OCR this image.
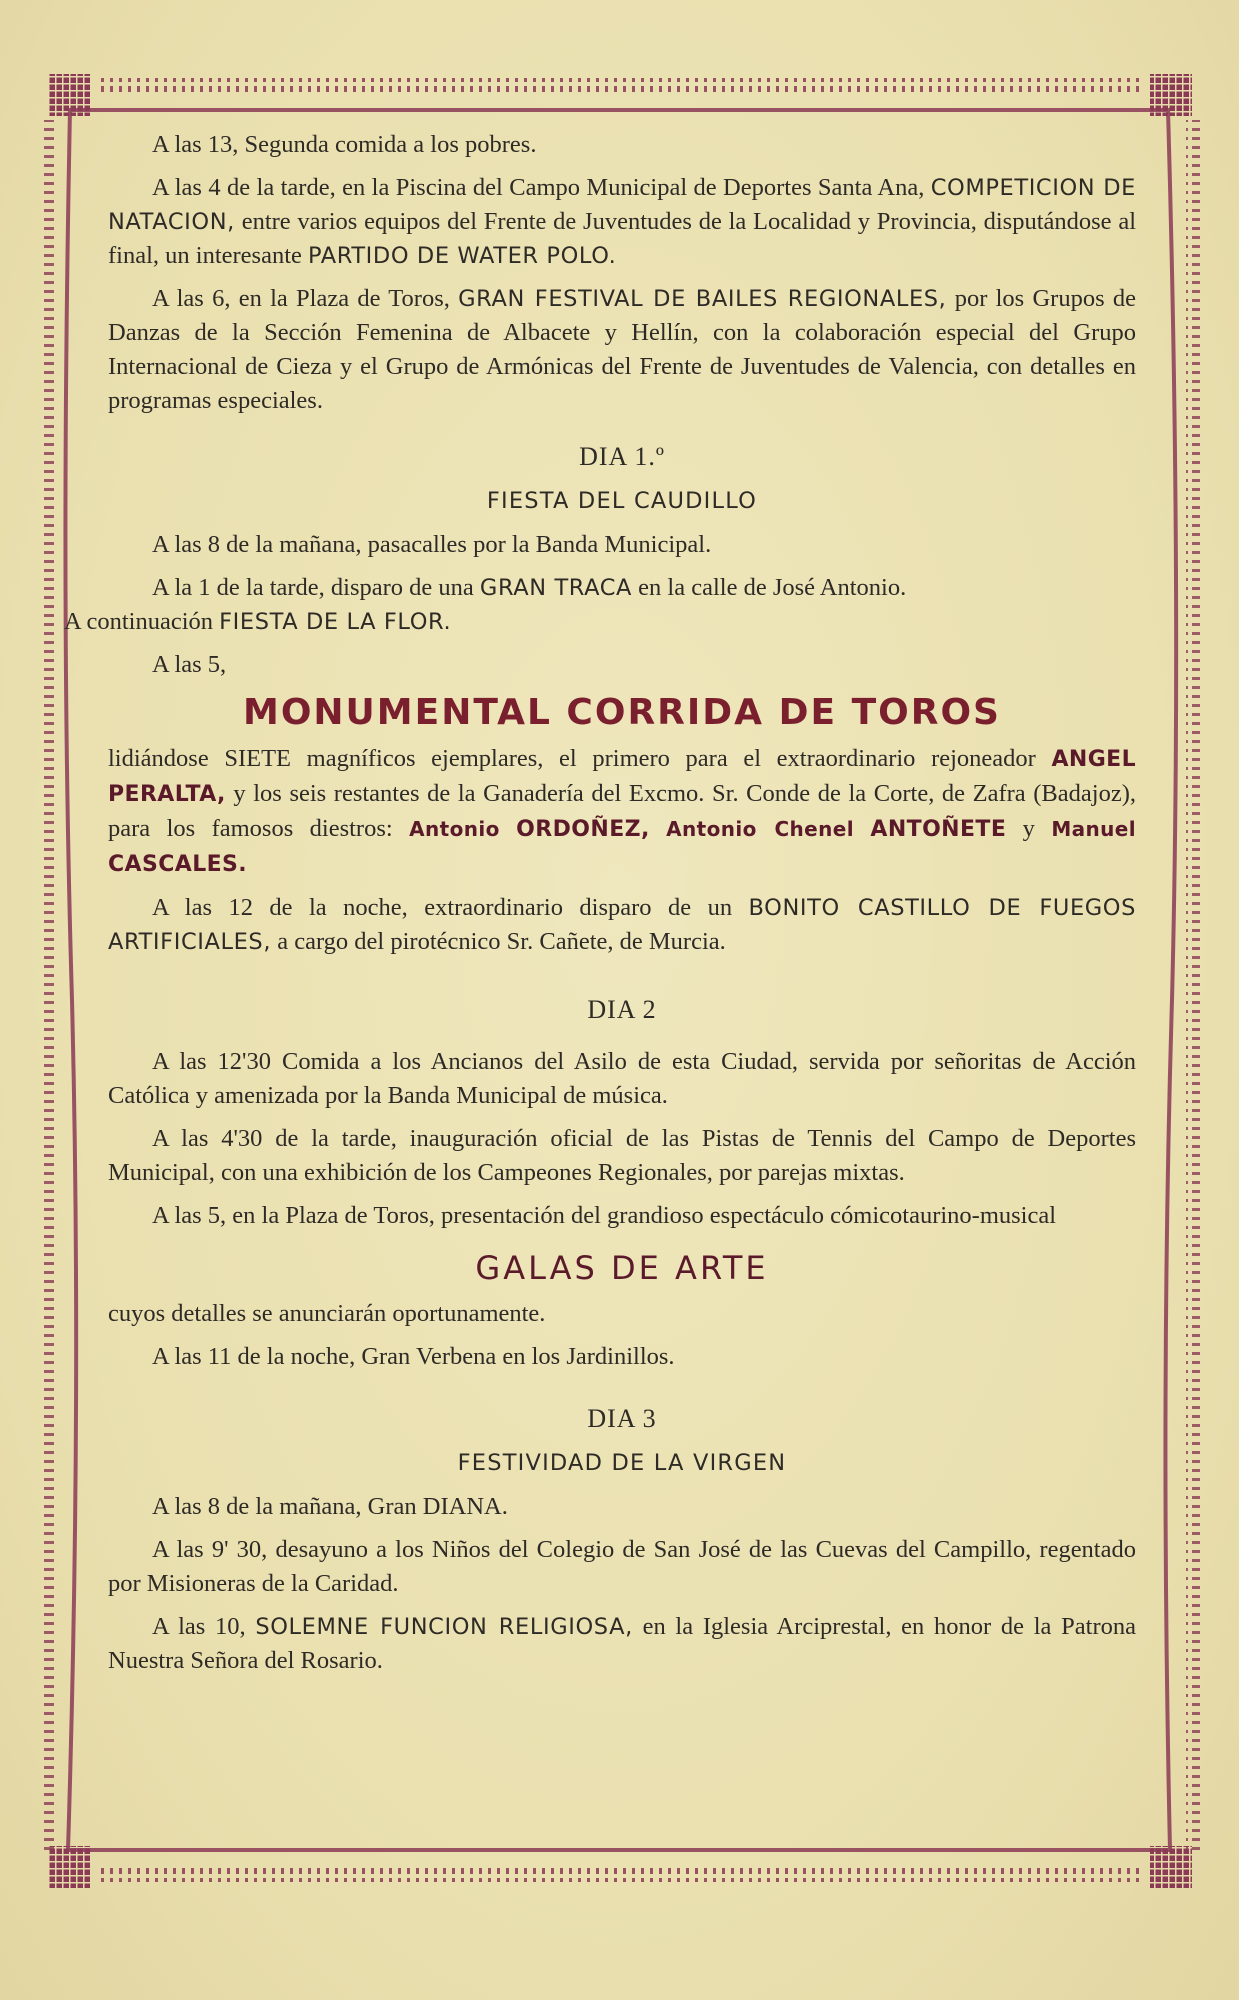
A las 13, Segunda comida a los pobres.

A las 4 de la tarde, en la Piscina del Campo Municipal de Deportes Santa Ana, COMPETICION DE NATACION, entre varios equipos del Frente de Juventudes de la Localidad y Provincia, disputándose al final, un interesante PARTIDO DE WATER POLO.

A las 6, en la Plaza de Toros, GRAN FESTIVAL DE BAILES REGIONALES, por los Grupos de Danzas de la Sección Femenina de Albacete y Hellín, con la colaboración especial del Grupo Internacional de Cieza y el Grupo de Armónicas del Frente de Juventudes de Valencia, con detalles en programas especiales.

DIA 1.º

FIESTA DEL CAUDILLO

A las 8 de la mañana, pasacalles por la Banda Municipal.

A la 1 de la tarde, disparo de una GRAN TRACA en la calle de José Antonio.
A continuación FIESTA DE LA FLOR.

A las 5,

MONUMENTAL CORRIDA DE TOROS

lidiándose SIETE magníficos ejemplares, el primero para el extraordinario rejoneador ANGEL PERALTA, y los seis restantes de la Ganadería del Excmo. Sr. Conde de la Corte, de Zafra (Badajoz), para los famosos diestros: Antonio ORDOÑEZ, Antonio Chenel ANTOÑETE y Manuel CASCALES.

A las 12 de la noche, extraordinario disparo de un BONITO CASTILLO DE FUEGOS ARTIFICIALES, a cargo del pirotécnico Sr. Cañete, de Murcia.

DIA 2

A las 12'30 Comida a los Ancianos del Asilo de esta Ciudad, servida por señoritas de Acción Católica y amenizada por la Banda Municipal de música.

A las 4'30 de la tarde, inauguración oficial de las Pistas de Tennis del Campo de Deportes Municipal, con una exhibición de los Campeones Regionales, por parejas mixtas.

A las 5, en la Plaza de Toros, presentación del grandioso espectáculo cómicotaurino-musical

GALAS DE ARTE

cuyos detalles se anunciarán oportunamente.

A las 11 de la noche, Gran Verbena en los Jardinillos.

DIA 3

FESTIVIDAD DE LA VIRGEN

A las 8 de la mañana, Gran DIANA.

A las 9' 30, desayuno a los Niños del Colegio de San José de las Cuevas del Campillo, regentado por Misioneras de la Caridad.

A las 10, SOLEMNE FUNCION RELIGIOSA, en la Iglesia Arciprestal, en honor de la Patrona Nuestra Señora del Rosario.
